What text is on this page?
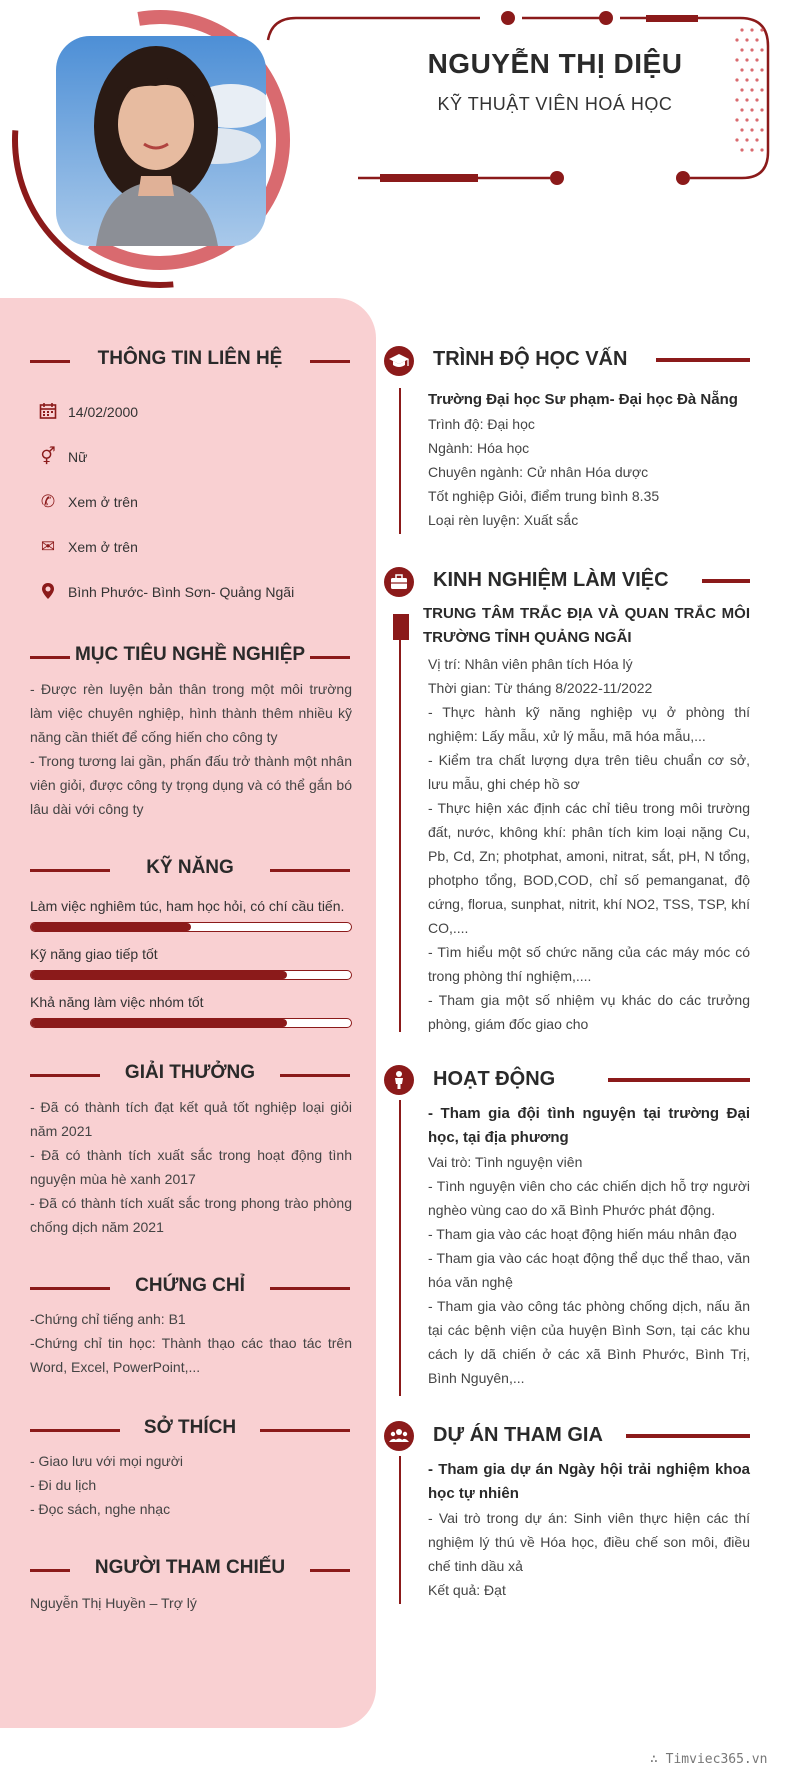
NGUYỄN THỊ DIỆU
KỸ THUẬT VIÊN HOÁ HỌC
THÔNG TIN LIÊN HỆ
14/02/2000
⚥ Nữ
✆ Xem ở trên
✉ Xem ở trên
Bình Phước- Bình Sơn- Quảng Ngãi
MỤC TIÊU NGHỀ NGHIỆP
- Được rèn luyện bản thân trong một môi trường làm việc chuyên nghiệp, hình thành thêm nhiều kỹ năng cần thiết để cống hiến cho công ty
- Trong tương lai gần, phấn đấu trở thành một nhân viên giỏi, được công ty trọng dụng và có thể gắn bó lâu dài với công ty
KỸ NĂNG
Làm việc nghiêm túc, ham học hỏi, có chí cầu tiến.
Kỹ năng giao tiếp tốt
Khả năng làm việc nhóm tốt
GIẢI THƯỞNG
- Đã có thành tích đạt kết quả tốt nghiệp loại giỏi năm 2021
- Đã có thành tích xuất sắc trong hoạt động tình nguyện mùa hè xanh 2017
- Đã có thành tích xuất sắc trong phong trào phòng chống dịch năm 2021
CHỨNG CHỈ
-Chứng chỉ tiếng anh: B1
-Chứng chỉ tin học: Thành thạo các thao tác trên Word, Excel, PowerPoint,...
SỞ THÍCH
- Giao lưu với mọi người
- Đi du lịch
- Đọc sách, nghe nhạc
NGƯỜI THAM CHIẾU
Nguyễn Thị Huyền – Trợ lý
TRÌNH ĐỘ HỌC VẤN
Trường Đại học Sư phạm- Đại học Đà Nẵng
Trình độ: Đại học
Ngành: Hóa học
Chuyên ngành: Cử nhân Hóa dược
Tốt nghiệp Giỏi, điểm trung bình 8.35
Loại rèn luyện: Xuất sắc
KINH NGHIỆM LÀM VIỆC
TRUNG TÂM TRẮC ĐỊA VÀ QUAN TRẮC MÔI TRƯỜNG TỈNH QUẢNG NGÃI
Vị trí: Nhân viên phân tích Hóa lý
Thời gian: Từ tháng 8/2022-11/2022
- Thực hành kỹ năng nghiệp vụ ở phòng thí nghiệm: Lấy mẫu, xử lý mẫu, mã hóa mẫu,...
- Kiểm tra chất lượng dựa trên tiêu chuẩn cơ sở, lưu mẫu, ghi chép hồ sơ
- Thực hiện xác định các chỉ tiêu trong môi trường đất, nước, không khí: phân tích kim loại nặng Cu, Pb, Cd, Zn; photphat, amoni, nitrat, sắt, pH, N tổng, photpho tổng, BOD,COD, chỉ số pemanganat, độ cứng, florua, sunphat, nitrit, khí NO2, TSS, TSP, khí CO,....
- Tìm hiểu một số chức năng của các máy móc có trong phòng thí nghiệm,....
- Tham gia một số nhiệm vụ khác do các trưởng phòng, giám đốc giao cho
HOẠT ĐỘNG
- Tham gia đội tình nguyện tại trường Đại học, tại địa phương
Vai trò: Tình nguyện viên
- Tình nguyện viên cho các chiến dịch hỗ trợ người nghèo vùng cao do xã Bình Phước phát động.
- Tham gia vào các hoạt động hiến máu nhân đạo
- Tham gia vào các hoạt động thể dục thể thao, văn hóa văn nghệ
- Tham gia vào công tác phòng chống dịch, nấu ăn tại các bệnh viện của huyện Bình Sơn, tại các khu cách ly dã chiến ở các xã Bình Phước, Bình Trị, Bình Nguyên,...
DỰ ÁN THAM GIA
- Tham gia dự án Ngày hội trải nghiệm khoa học tự nhiên
- Vai trò trong dự án: Sinh viên thực hiện các thí nghiệm lý thú về Hóa học, điều chế son môi, điều chế tinh dầu xả
Kết quả: Đạt
∴ Timviec365.vn
